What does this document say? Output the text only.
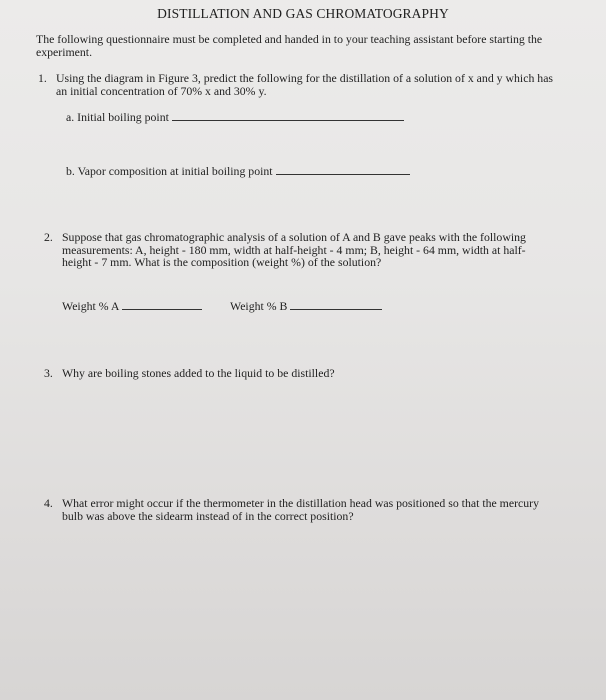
DISTILLATION AND GAS CHROMATOGRAPHY
The following questionnaire must be completed and handed in to your teaching assistant before starting the experiment.
1. Using the diagram in Figure 3, predict the following for the distillation of a solution of x and y which has an initial concentration of 70% x and 30% y.
a. Initial boiling point
b. Vapor composition at initial boiling point
2. Suppose that gas chromatographic analysis of a solution of A and B gave peaks with the following measurements: A, height - 180 mm, width at half-height - 4 mm; B, height - 64 mm, width at half-height - 7 mm. What is the composition (weight %) of the solution?
Weight % A	Weight % B
3. Why are boiling stones added to the liquid to be distilled?
4. What error might occur if the thermometer in the distillation head was positioned so that the mercury bulb was above the sidearm instead of in the correct position?
